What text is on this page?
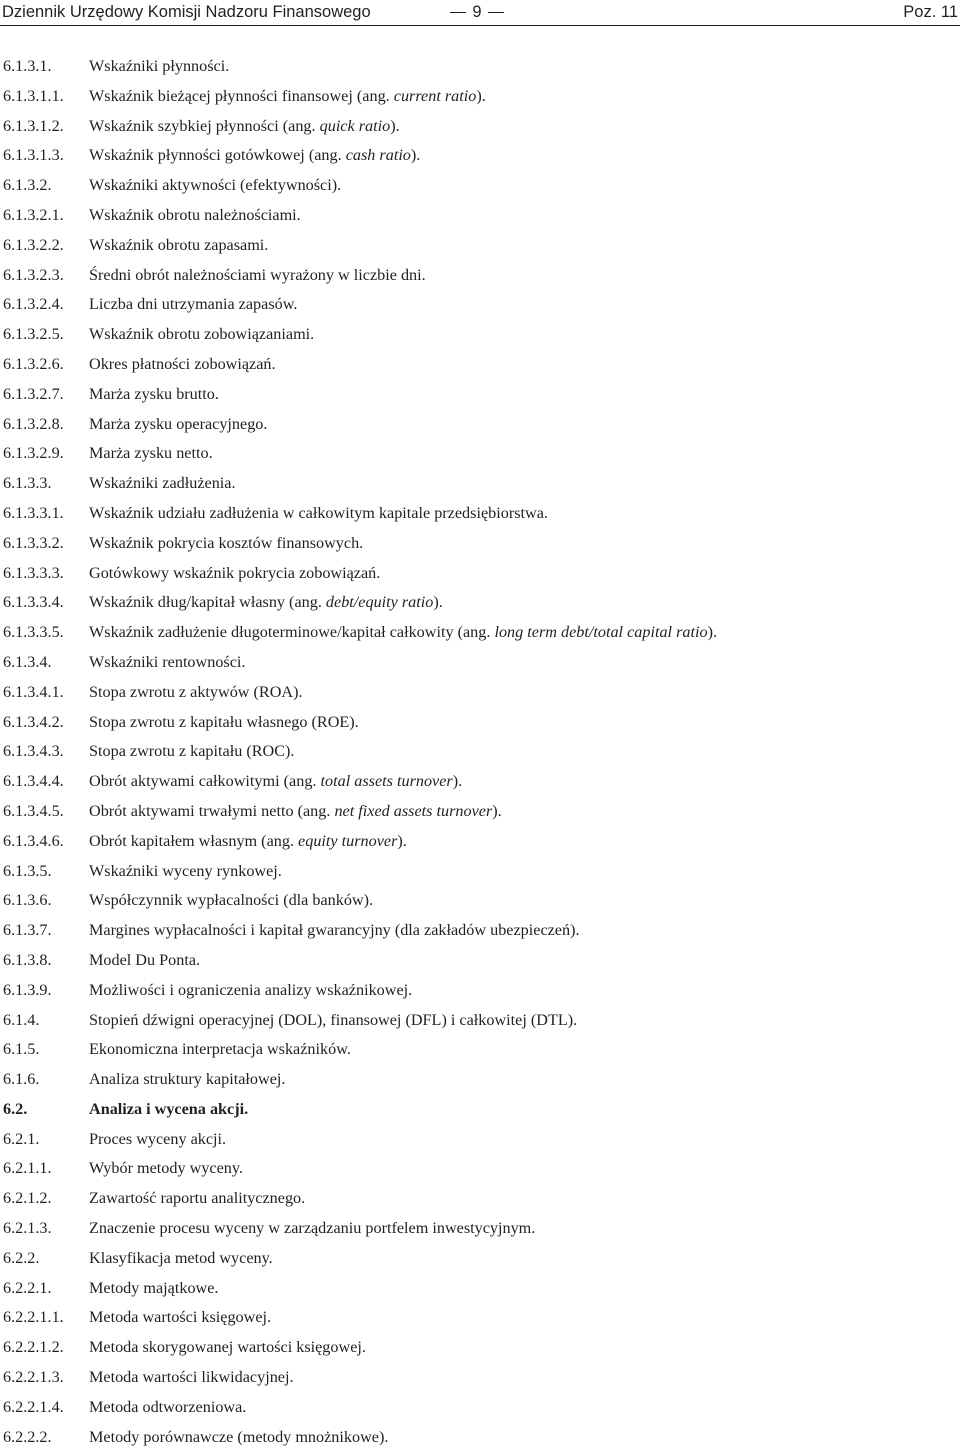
Dziennik Urzędowy Komisji Nadzoru Finansowego	9	Poz. 11
6.1.3.1. Wskaźniki płynności.
6.1.3.1.1. Wskaźnik bieżącej płynności finansowej (ang. current ratio).
6.1.3.1.2. Wskaźnik szybkiej płynności (ang. quick ratio).
6.1.3.1.3. Wskaźnik płynności gotówkowej (ang. cash ratio).
6.1.3.2. Wskaźniki aktywności (efektywności).
6.1.3.2.1. Wskaźnik obrotu należnościami.
6.1.3.2.2. Wskaźnik obrotu zapasami.
6.1.3.2.3. Średni obrót należnościami wyrażony w liczbie dni.
6.1.3.2.4. Liczba dni utrzymania zapasów.
6.1.3.2.5. Wskaźnik obrotu zobowiązaniami.
6.1.3.2.6. Okres płatności zobowiązań.
6.1.3.2.7. Marża zysku brutto.
6.1.3.2.8. Marża zysku operacyjnego.
6.1.3.2.9. Marża zysku netto.
6.1.3.3. Wskaźniki zadłużenia.
6.1.3.3.1. Wskaźnik udziału zadłużenia w całkowitym kapitale przedsiębiorstwa.
6.1.3.3.2. Wskaźnik pokrycia kosztów finansowych.
6.1.3.3.3. Gotówkowy wskaźnik pokrycia zobowiązań.
6.1.3.3.4. Wskaźnik dług/kapitał własny (ang. debt/equity ratio).
6.1.3.3.5. Wskaźnik zadłużenie długoterminowe/kapitał całkowity (ang. long term debt/total capital ratio).
6.1.3.4. Wskaźniki rentowności.
6.1.3.4.1. Stopa zwrotu z aktywów (ROA).
6.1.3.4.2. Stopa zwrotu z kapitału własnego (ROE).
6.1.3.4.3. Stopa zwrotu z kapitału (ROC).
6.1.3.4.4. Obrót aktywami całkowitymi (ang. total assets turnover).
6.1.3.4.5. Obrót aktywami trwałymi netto (ang. net fixed assets turnover).
6.1.3.4.6. Obrót kapitałem własnym (ang. equity turnover).
6.1.3.5. Wskaźniki wyceny rynkowej.
6.1.3.6. Współczynnik wypłacalności (dla banków).
6.1.3.7. Margines wypłacalności i kapitał gwarancyjny (dla zakładów ubezpieczeń).
6.1.3.8. Model Du Ponta.
6.1.3.9. Możliwości i ograniczenia analizy wskaźnikowej.
6.1.4.	Stopień dźwigni operacyjnej (DOL), finansowej (DFL) i całkowitej (DTL).
6.1.5.	Ekonomiczna interpretacja wskaźników.
6.1.6.	Analiza struktury kapitałowej.
6.2.	Analiza i wycena akcji.
6.2.1.	Proces wyceny akcji.
6.2.1.1. Wybór metody wyceny.
6.2.1.2. Zawartość raportu analitycznego.
6.2.1.3. Znaczenie procesu wyceny w zarządzaniu portfelem inwestycyjnym.
6.2.2.	Klasyfikacja metod wyceny.
6.2.2.1. Metody majątkowe.
6.2.2.1.1. Metoda wartości księgowej.
6.2.2.1.2. Metoda skorygowanej wartości księgowej.
6.2.2.1.3. Metoda wartości likwidacyjnej.
6.2.2.1.4. Metoda odtworzeniowa.
6.2.2.2. Metody porównawcze (metody mnożnikowe).
